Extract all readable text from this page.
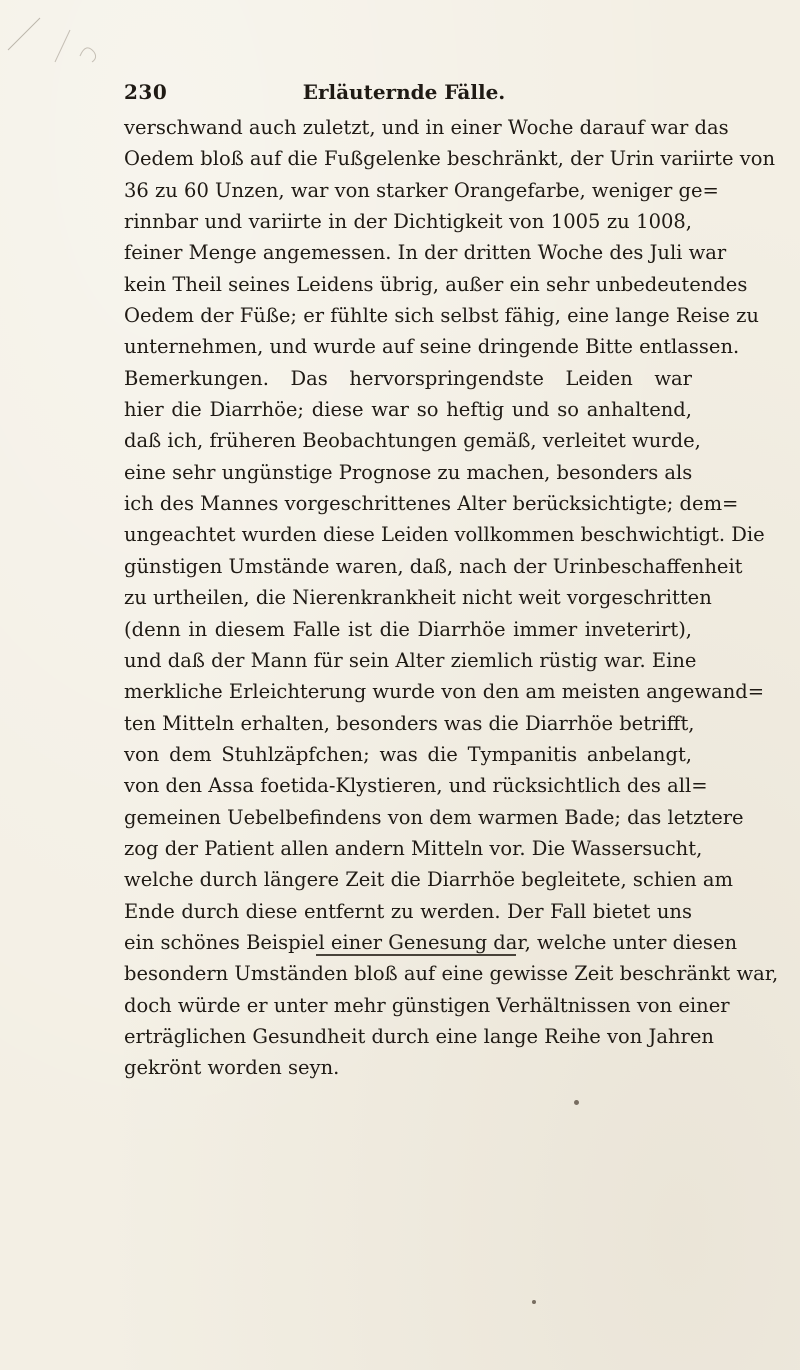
230	Erläuternde Fälle.
verschwand auch zuletzt, und in einer Woche darauf war das
Oedem bloß auf die Fußgelenke beschränkt, der Urin variirte von
36 zu 60 Unzen, war von starker Orangefarbe, weniger ge=
rinnbar und variirte in der Dichtigkeit von 1005 zu 1008,
feiner Menge angemessen. In der dritten Woche des Juli war
kein Theil seines Leidens übrig, außer ein sehr unbedeutendes
Oedem der Füße; er fühlte sich selbst fähig, eine lange Reise zu
unternehmen, und wurde auf seine dringende Bitte entlassen.
Bemerkungen. Das hervorspringendste Leiden war
hier die Diarrhöe; diese war so heftig und so anhaltend,
daß ich, früheren Beobachtungen gemäß, verleitet wurde,
eine sehr ungünstige Prognose zu machen, besonders als
ich des Mannes vorgeschrittenes Alter berücksichtigte; dem=
ungeachtet wurden diese Leiden vollkommen beschwichtigt. Die
günstigen Umstände waren, daß, nach der Urinbeschaffenheit
zu urtheilen, die Nierenkrankheit nicht weit vorgeschritten
(denn in diesem Falle ist die Diarrhöe immer inveterirt),
und daß der Mann für sein Alter ziemlich rüstig war. Eine
merkliche Erleichterung wurde von den am meisten angewand=
ten Mitteln erhalten, besonders was die Diarrhöe betrifft,
von dem Stuhlzäpfchen; was die Tympanitis anbelangt,
von den Assa foetida-Klystieren, und rücksichtlich des all=
gemeinen Uebelbefindens von dem warmen Bade; das letztere
zog der Patient allen andern Mitteln vor. Die Wassersucht,
welche durch längere Zeit die Diarrhöe begleitete, schien am
Ende durch diese entfernt zu werden. Der Fall bietet uns
ein schönes Beispiel einer Genesung dar, welche unter diesen
besondern Umständen bloß auf eine gewisse Zeit beschränkt war,
doch würde er unter mehr günstigen Verhältnissen von einer
erträglichen Gesundheit durch eine lange Reihe von Jahren
gekrönt worden seyn.
